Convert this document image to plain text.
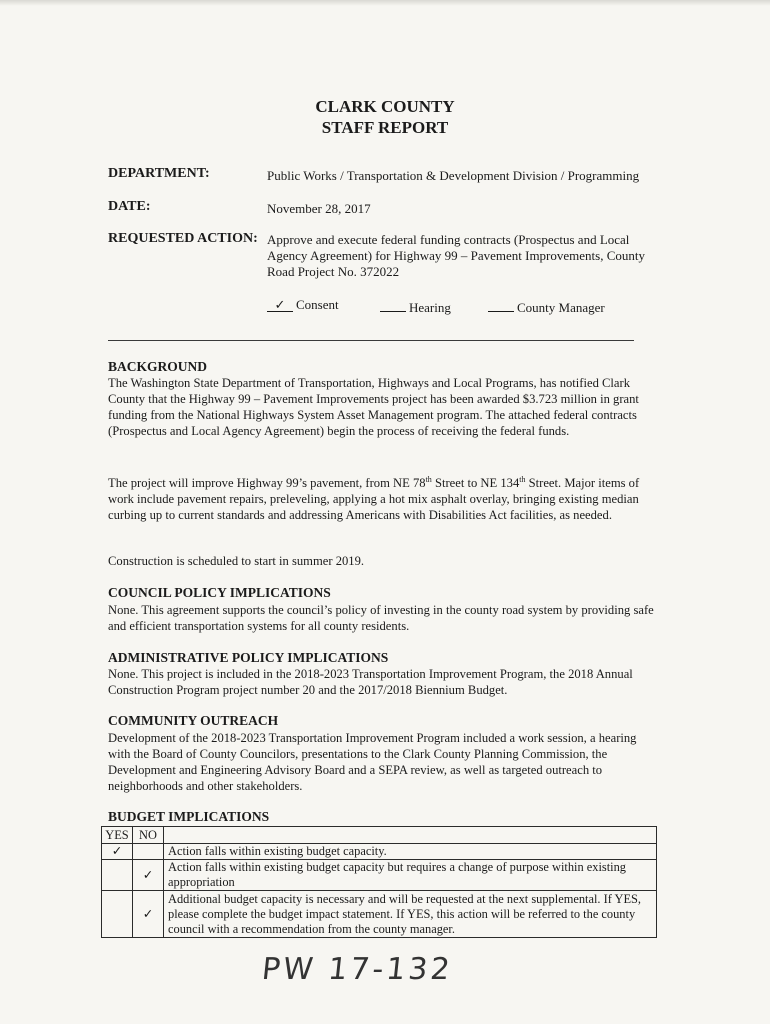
CLARK COUNTY
STAFF REPORT
DEPARTMENT:	Public Works / Transportation & Development Division / Programming
DATE:	November 28, 2017
REQUESTED ACTION: Approve and execute federal funding contracts (Prospectus and Local Agency Agreement) for Highway 99 – Pavement Improvements, County Road Project No. 372022
✓ Consent	Hearing	County Manager
BACKGROUND
The Washington State Department of Transportation, Highways and Local Programs, has notified Clark County that the Highway 99 – Pavement Improvements project has been awarded $3.723 million in grant funding from the National Highways System Asset Management program. The attached federal contracts (Prospectus and Local Agency Agreement) begin the process of receiving the federal funds.
The project will improve Highway 99’s pavement, from NE 78th Street to NE 134th Street. Major items of work include pavement repairs, preleveling, applying a hot mix asphalt overlay, bringing existing median curbing up to current standards and addressing Americans with Disabilities Act facilities, as needed.
Construction is scheduled to start in summer 2019.
COUNCIL POLICY IMPLICATIONS
None. This agreement supports the council’s policy of investing in the county road system by providing safe and efficient transportation systems for all county residents.
ADMINISTRATIVE POLICY IMPLICATIONS
None. This project is included in the 2018-2023 Transportation Improvement Program, the 2018 Annual Construction Program project number 20 and the 2017/2018 Biennium Budget.
COMMUNITY OUTREACH
Development of the 2018-2023 Transportation Improvement Program included a work session, a hearing with the Board of County Councilors, presentations to the Clark County Planning Commission, the Development and Engineering Advisory Board and a SEPA review, as well as targeted outreach to neighborhoods and other stakeholders.
BUDGET IMPLICATIONS
YES	NO	
✓		Action falls within existing budget capacity.
	✓	Action falls within existing budget capacity but requires a change of purpose within existing appropriation
	✓	Additional budget capacity is necessary and will be requested at the next supplemental. If YES, please complete the budget impact statement. If YES, this action will be referred to the county council with a recommendation from the county manager.
PW 17-132
